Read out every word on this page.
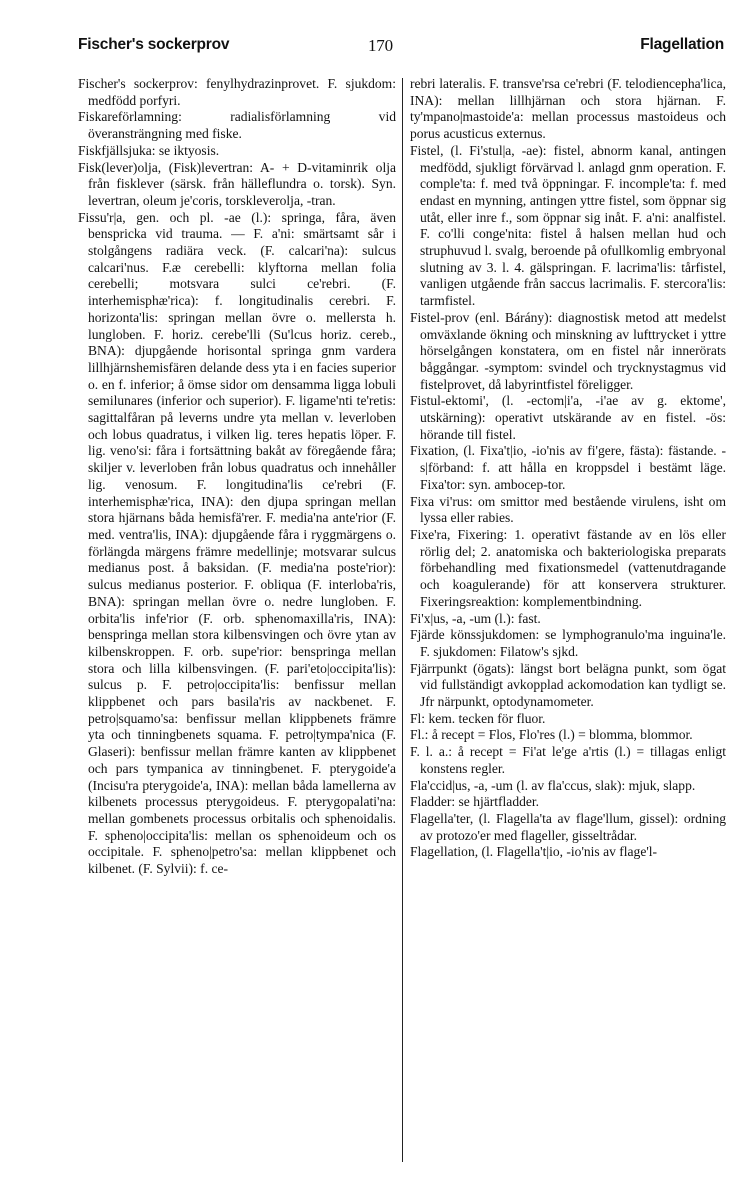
Fischer's sockerprov	170	Flagellation

Fischer's sockerprov: fenylhydrazinprovet. F. sjukdom: medfödd porfyri.

Fiskareförlamning: radialisförlamning vid överansträngning med fiske.

Fiskfjällsjuka: se iktyosis.

Fisk(lever)olja, (Fisk)levertran: A- + D-vitaminrik olja från fisklever (särsk. från hälleflundra o. torsk). Syn. levertran, oleum je'coris, torskleverolja, -tran.

Fissu'r|a, gen. och pl. -ae (l.): springa, fåra, även benspricka vid trauma. — F. a'ni: smärtsamt sår i stolgångens radiära veck. (F. calcari'na): sulcus calcari'nus. F.æ cerebelli: klyftorna mellan folia cerebelli; motsvara sulci ce'rebri. (F. interhemisphæ'rica): f. longitudinalis cerebri. F. horizonta'lis: springan mellan övre o. mellersta h. lungloben. F. horiz. cerebe'lli (Su'lcus horiz. cereb., BNA): djupgående horisontal springa gnm vardera lillhjärnshemisfären delande dess yta i en facies superior o. en f. inferior; å ömse sidor om densamma ligga lobuli semilunares (inferior och superior). F. ligame'nti te'retis: sagittalfåran på leverns undre yta mellan v. leverloben och lobus quadratus, i vilken lig. teres hepatis löper. F. lig. veno'si: fåra i fortsättning bakåt av föregående fåra; skiljer v. leverloben från lobus quadratus och innehåller lig. venosum. F. longitudina'lis ce'rebri (F. interhemisphæ'rica, INA): den djupa springan mellan stora hjärnans båda hemisfä'rer. F. media'na ante'rior (F. med. ventra'lis, INA): djupgående fåra i ryggmärgens o. förlängda märgens främre medellinje; motsvarar sulcus medianus post. å baksidan. (F. media'na poste'rior): sulcus medianus posterior. F. obliqua (F. interloba'ris, BNA): springan mellan övre o. nedre lungloben. F. orbita'lis infe'rior (F. orb. sphenomaxilla'ris, INA): benspringa mellan stora kilbensvingen och övre ytan av kilbenskroppen. F. orb. supe'rior: benspringa mellan stora och lilla kilbensvingen. (F. pari'eto|occipita'lis): sulcus p. F. petro|occipita'lis: benfissur mellan klippbenet och pars basila'ris av nackbenet. F. petro|squamo'sa: benfissur mellan klippbenets främre yta och tinningbenets squama. F. petro|tympa'nica (F. Glaseri): benfissur mellan främre kanten av klippbenet och pars tympanica av tinningbenet. F. pterygoide'a (Incisu'ra pterygoide'a, INA): mellan båda lamellerna av kilbenets processus pterygoideus. F. pterygopalati'na: mellan gombenets processus orbitalis och sphenoidalis. F. spheno|occipita'lis: mellan os sphenoideum och os occipitale. F. spheno|petro'sa: mellan klippbenet och kilbenet. (F. Sylvii): f. ce-

rebri lateralis. F. transve'rsa ce'rebri (F. telodiencepha'lica, INA): mellan lillhjärnan och stora hjärnan. F. ty'mpano|mastoide'a: mellan processus mastoideus och porus acusticus externus.

Fistel, (l. Fi'stul|a, -ae): fistel, abnorm kanal, antingen medfödd, sjukligt förvärvad l. anlagd gnm operation. F. comple'ta: f. med två öppningar. F. incomple'ta: f. med endast en mynning, antingen yttre fistel, som öppnar sig utåt, eller inre f., som öppnar sig inåt. F. a'ni: analfistel. F. co'lli conge'nita: fistel å halsen mellan hud och struphuvud l. svalg, beroende på ofullkomlig embryonal slutning av 3. l. 4. gälspringan. F. lacrima'lis: tårfistel, vanligen utgående från saccus lacrimalis. F. stercora'lis: tarmfistel.

Fistel-prov (enl. Bárány): diagnostisk metod att medelst omväxlande ökning och minskning av lufttrycket i yttre hörselgången konstatera, om en fistel når innerörats båggångar. -symptom: svindel och trycknystagmus vid fistelprovet, då labyrintfistel föreligger.

Fistul-ektomi', (l. -ectom|i'a, -i'ae av g. ektome', utskärning): operativt utskärande av en fistel. -ös: hörande till fistel.

Fixation, (l. Fixa't|io, -io'nis av fi'gere, fästa): fästande. -s|förband: f. att hålla en kroppsdel i bestämt läge. Fixa'tor: syn. ambocep-tor.

Fixa vi'rus: om smittor med bestående virulens, isht om lyssa eller rabies.

Fixe'ra, Fixering: 1. operativt fästande av en lös eller rörlig del; 2. anatomiska och bakteriologiska preparats förbehandling med fixationsmedel (vattenutdragande och koagulerande) för att konservera strukturer. Fixeringsreaktion: komplementbindning.

Fi'x|us, -a, -um (l.): fast.

Fjärde könssjukdomen: se lymphogranulo'ma inguina'le. F. sjukdomen: Filatow's sjkd.

Fjärrpunkt (ögats): längst bort belägna punkt, som ögat vid fullständigt avkopplad ackomodation kan tydligt se. Jfr närpunkt, optodynamometer.

Fl: kem. tecken för fluor.

Fl.: å recept = Flos, Flo'res (l.) = blomma, blommor.

F. l. a.: å recept = Fi'at le'ge a'rtis (l.) = tillagas enligt konstens regler.

Fla'ccid|us, -a, -um (l. av fla'ccus, slak): mjuk, slapp.

Fladder: se hjärtfladder.

Flagella'ter, (l. Flagella'ta av flage'llum, gissel): ordning av protozo'er med flageller, gisseltrådar.

Flagellation, (l. Flagella't|io, -io'nis av flage'l-
